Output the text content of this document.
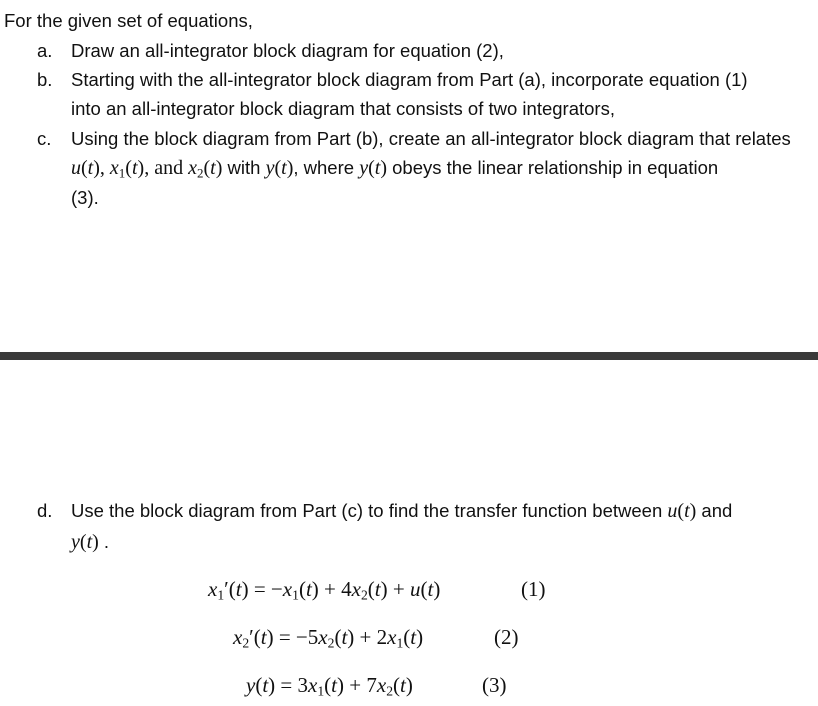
For the given set of equations,
a. Draw an all-integrator block diagram for equation (2),
b. Starting with the all-integrator block diagram from Part (a), incorporate equation (1)
into an all-integrator block diagram that consists of two integrators,
c. Using the block diagram from Part (b), create an all-integrator block diagram that relates
u(t), $x_1(t)$, and $x_2(t)$ with y(t), where y(t) obeys the linear relationship in equation
(3).
d. Use the block diagram from Part (c) to find the transfer function between u(t) and
y(t) .
$x_1'(t) = -x_1(t) + 4x_2(t) + u(t)$	(1)
$x_2'(t) = -5x_2(t) + 2x_1(t)$	(2)
$y(t) = 3x_1(t) + 7x_2(t)$	(3)
